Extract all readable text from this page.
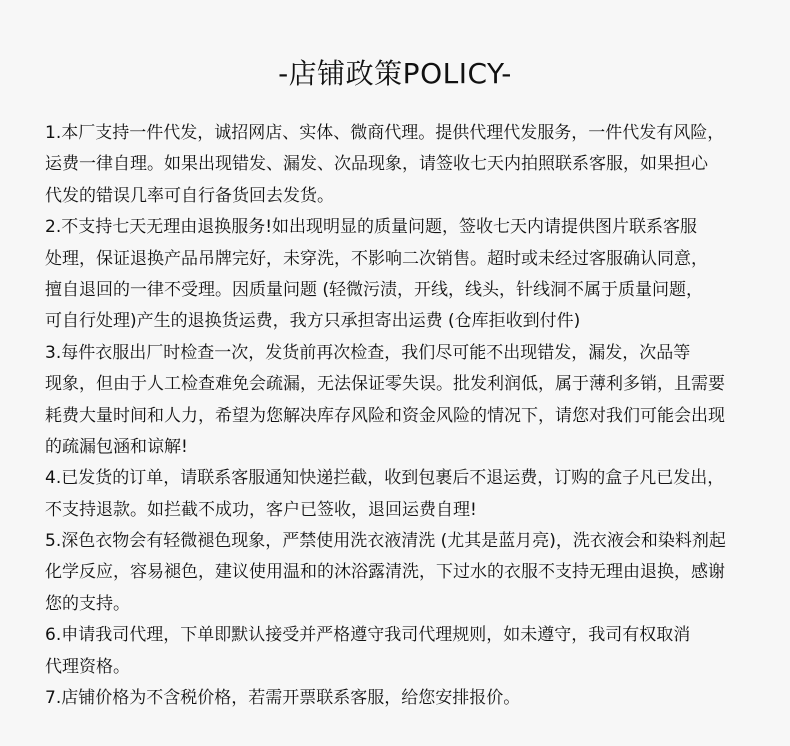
-店铺政策POLICY-
1.本厂支持一件代发，诚招网店、实体、微商代理。提供代理代发服务，一件代发有风险，
运费一律自理。如果出现错发、漏发、次品现象，请签收七天内拍照联系客服，如果担心
代发的错误几率可自行备货回去发货。
2.不支持七天无理由退换服务!如出现明显的质量问题，签收七天内请提供图片联系客服
处理，保证退换产品吊牌完好，未穿洗，不影响二次销售。超时或未经过客服确认同意，
擅自退回的一律不受理。因质量问题 (轻微污渍，开线，线头，针线洞不属于质量问题，
可自行处理)产生的退换货运费，我方只承担寄出运费 (仓库拒收到付件)
3.每件衣服出厂时检查一次，发货前再次检查，我们尽可能不出现错发，漏发，次品等
现象，但由于人工检查难免会疏漏，无法保证零失误。批发利润低，属于薄利多销，且需要
耗费大量时间和人力，希望为您解决库存风险和资金风险的情况下，请您对我们可能会出现
的疏漏包涵和谅解!
4.已发货的订单，请联系客服通知快递拦截，收到包裹后不退运费，订购的盒子凡已发出，
不支持退款。如拦截不成功，客户已签收，退回运费自理!
5.深色衣物会有轻微褪色现象，严禁使用洗衣液清洗 (尤其是蓝月亮)，洗衣液会和染料剂起
化学反应，容易褪色，建议使用温和的沐浴露清洗，下过水的衣服不支持无理由退换，感谢
您的支持。
6.申请我司代理，下单即默认接受并严格遵守我司代理规则，如未遵守，我司有权取消
代理资格。
7.店铺价格为不含税价格，若需开票联系客服，给您安排报价。
